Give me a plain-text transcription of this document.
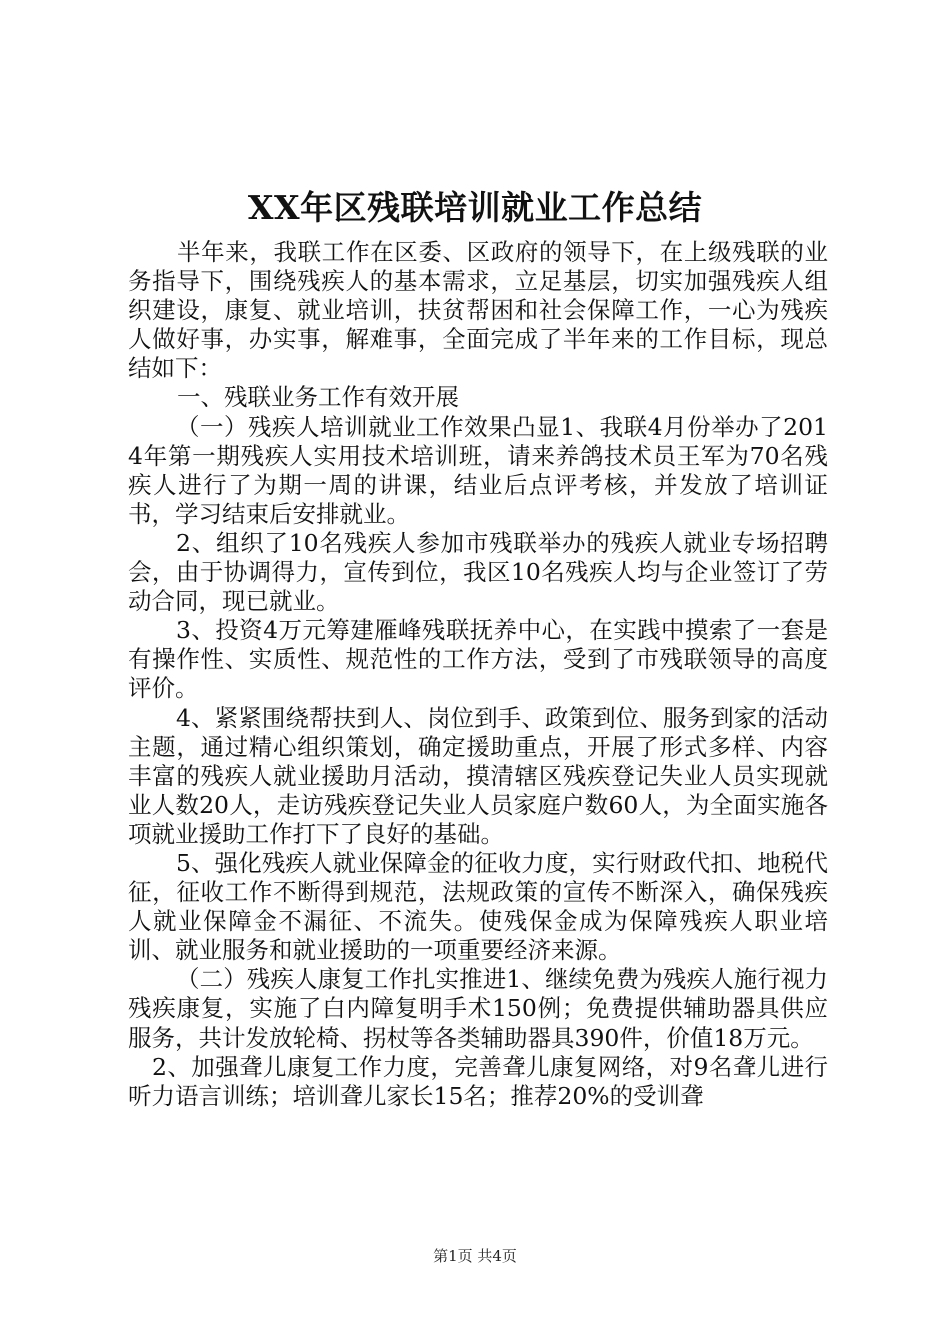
XX年区残联培训就业工作总结

半年来，我联工作在区委、区政府的领导下，在上级残联的业务指导下，围绕残疾人的基本需求，立足基层，切实加强残疾人组织建设，康复、就业培训，扶贫帮困和社会保障工作，一心为残疾人做好事，办实事，解难事，全面完成了半年来的工作目标，现总结如下：

一、残联业务工作有效开展

（一）残疾人培训就业工作效果凸显1、我联4月份举办了2014年第一期残疾人实用技术培训班，请来养鸽技术员王军为70名残疾人进行了为期一周的讲课，结业后点评考核，并发放了培训证书，学习结束后安排就业。

2、组织了10名残疾人参加市残联举办的残疾人就业专场招聘会，由于协调得力，宣传到位，我区10名残疾人均与企业签订了劳动合同，现已就业。

3、投资4万元筹建雁峰残联抚养中心，在实践中摸索了一套是有操作性、实质性、规范性的工作方法，受到了市残联领导的高度评价。

4、紧紧围绕帮扶到人、岗位到手、政策到位、服务到家的活动主题，通过精心组织策划，确定援助重点，开展了形式多样、内容丰富的残疾人就业援助月活动，摸清辖区残疾登记失业人员实现就业人数20人，走访残疾登记失业人员家庭户数60人，为全面实施各项就业援助工作打下了良好的基础。

5、强化残疾人就业保障金的征收力度，实行财政代扣、地税代征，征收工作不断得到规范，法规政策的宣传不断深入，确保残疾人就业保障金不漏征、不流失。使残保金成为保障残疾人职业培训、就业服务和就业援助的一项重要经济来源。

（二）残疾人康复工作扎实推进1、继续免费为残疾人施行视力残疾康复，实施了白内障复明手术150例；免费提供辅助器具供应服务，共计发放轮椅、拐杖等各类辅助器具390件，价值18万元。

2、加强聋儿康复工作力度，完善聋儿康复网络，对9名聋儿进行听力语言训练；培训聋儿家长15名；推荐20%的受训聋

第1页 共4页
